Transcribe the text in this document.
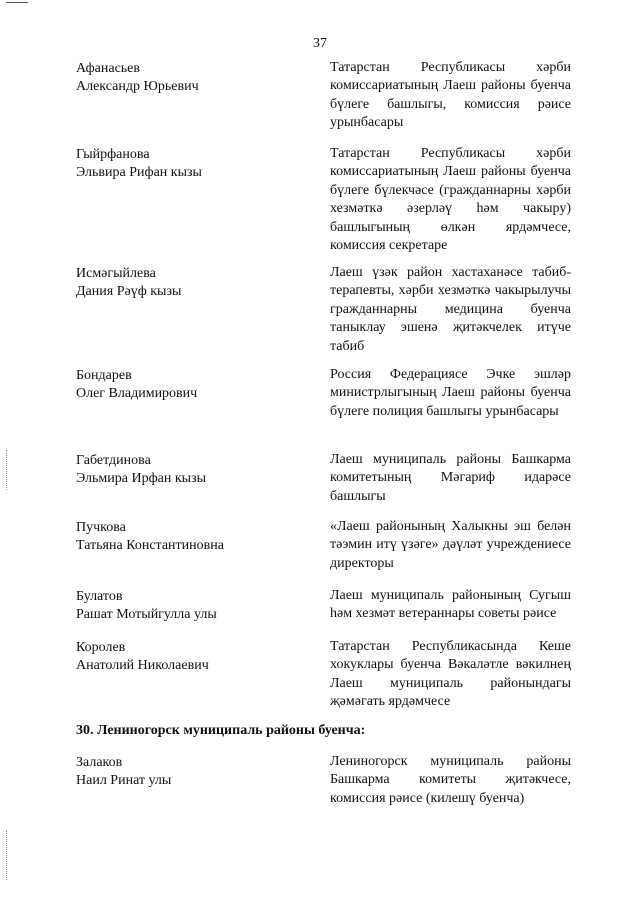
37
Афанасьев
Александр Юрьевич
Татарстан Республикасы хәрби комиссариатының Лаеш районы буенча бүлеге башлыгы, комиссия рәисе урынбасары
Гыйрфанова
Эльвира Рифан кызы
Татарстан Республикасы хәрби комиссариатының Лаеш районы буенча бүлеге бүлекчәсе (гражданнарны хәрби хезмәткә әзерләү һәм чакыру) башлыгының өлкән ярдәмчесе, комиссия секретаре
Исмәгыйлева
Дания Рәүф кызы
Лаеш үзәк район хастаханәсе табиб-терапевты, хәрби хезмәткә чакырылучы гражданнарны медицина буенча таныклау эшенә җитәкчелек итүче табиб
Бондарев
Олег Владимирович
Россия Федерациясе Эчке эшләр министрлыгының Лаеш районы буенча бүлеге полиция башлыгы урынбасары
Габетдинова
Эльмира Ирфан кызы
Лаеш муниципаль районы Башкарма комитетының Мәгариф идарәсе башлыгы
Пучкова
Татьяна Константиновна
«Лаеш районының Халыкны эш белән тәэмин итү үзәге» дәүләт учреждениесе директоры
Булатов
Рашат Мотыйгулла улы
Лаеш муниципаль районының Сугыш һәм хезмәт ветераннары советы рәисе
Королев
Анатолий Николаевич
Татарстан Республикасында Кеше хокуклары буенча Вәкаләтле вәкилнең Лаеш муниципаль районындагы җәмәгать ярдәмчесе
30. Лениногорск муниципаль районы буенча:
Залаков
Наил Ринат улы
Лениногорск муниципаль районы Башкарма комитеты җитәкчесе, комиссия рәисе (килешү буенча)
